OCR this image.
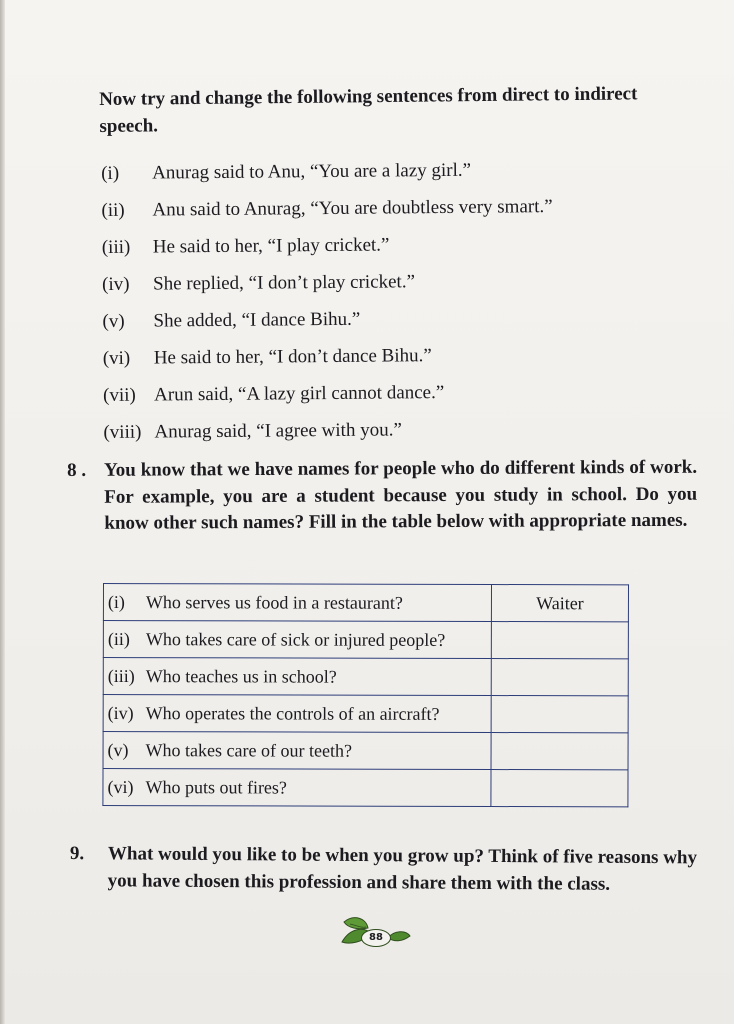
Now try and change the following sentences from direct to indirect speech.
(i)	Anurag said to Anu, “You are a lazy girl.”
(ii)	Anu said to Anurag, “You are doubtless very smart.”
(iii)	He said to her, “I play cricket.”
(iv)	She replied, “I don’t play cricket.”
(v)	She added, “I dance Bihu.”
(vi)	He said to her, “I don’t dance Bihu.”
(vii) Arun said, “A lazy girl cannot dance.”
(viii) Anurag said, “I agree with you.”
8 . You know that we have names for people who do different kinds of work. For example, you are a student because you study in school. Do you know other such names? Fill in the table below with appropriate names.
(i) Who serves us food in a restaurant?	Waiter
(ii) Who takes care of sick or injured people?	
(iii) Who teaches us in school?	
(iv) Who operates the controls of an aircraft?	
(v) Who takes care of our teeth?	
(vi) Who puts out fires?	
9. What would you like to be when you grow up? Think of five reasons why you have chosen this profession and share them with the class.
88
